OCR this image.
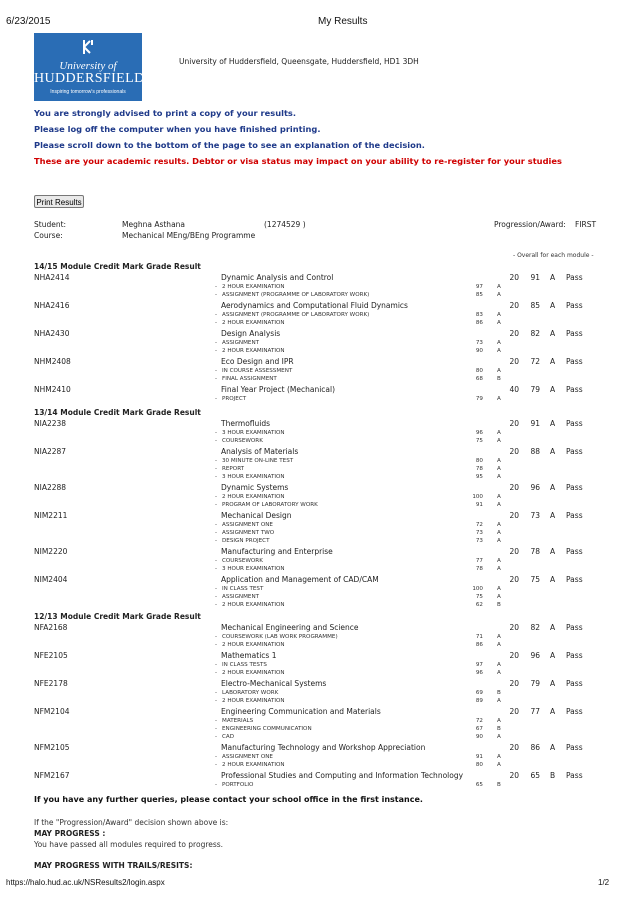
6/23/2015	My Results
University of
HUDDERSFIELD
Inspiring tomorrow's professionals
University of Huddersfield, Queensgate, Huddersfield, HD1 3DH
You are strongly advised to print a copy of your results.
Please log off the computer when you have finished printing.
Please scroll down to the bottom of the page to see an explanation of the decision.
These are your academic results. Debtor or visa status may impact on your ability to re-register for your studies
Print Results
Student:	Meghna Asthana	(1274529 )	Progression/Award: FIRST
Course:	Mechanical MEng/BEng Programme
- Overall for each module -
14/15 Module Credit Mark Grade Result
NHA2414	Dynamic Analysis and Control	20	91 A Pass
- 2 HOUR EXAMINATION	97	A
- ASSIGNMENT (PROGRAMME OF LABORATORY WORK)	85	A
NHA2416	Aerodynamics and Computational Fluid Dynamics	20	85 A Pass
- ASSIGNMENT (PROGRAMME OF LABORATORY WORK)	83	A
- 2 HOUR EXAMINATION	86	A
NHA2430	Design Analysis	20	82 A Pass
- ASSIGNMENT	73	A
- 2 HOUR EXAMINATION	90	A
NHM2408	Eco Design and IPR	20	72 A Pass
- IN COURSE ASSESSMENT	80	A
- FINAL ASSIGNMENT	68	B
NHM2410	Final Year Project (Mechanical)	40	79 A Pass
- PROJECT	79	A
13/14 Module Credit Mark Grade Result
NIA2238	Thermofluids	20	91 A Pass
- 3 HOUR EXAMINATION	96	A
- COURSEWORK	75	A
NIA2287	Analysis of Materials	20	88 A Pass
- 30 MINUTE ON-LINE TEST	80	A
- REPORT	78	A
- 3 HOUR EXAMINATION	95	A
NIA2288	Dynamic Systems	20	96 A Pass
- 2 HOUR EXAMINATION	100	A
- PROGRAM OF LABORATORY WORK	91	A
NIM2211	Mechanical Design	20	73 A Pass
- ASSIGNMENT ONE	72	A
- ASSIGNMENT TWO	73	A
- DESIGN PROJECT	73	A
NIM2220	Manufacturing and Enterprise	20	78 A Pass
- COURSEWORK	77	A
- 3 HOUR EXAMINATION	78	A
NIM2404	Application and Management of CAD/CAM	20	75 A Pass
- IN CLASS TEST	100	A
- ASSIGNMENT	75	A
- 2 HOUR EXAMINATION	62	B
12/13 Module Credit Mark Grade Result
NFA2168	Mechanical Engineering and Science	20	82 A Pass
- COURSEWORK (LAB WORK PROGRAMME)	71	A
- 2 HOUR EXAMINATION	86	A
NFE2105	Mathematics 1	20	96 A Pass
- IN CLASS TESTS	97	A
- 2 HOUR EXAMINATION	96	A
NFE2178	Electro-Mechanical Systems	20	79 A Pass
- LABORATORY WORK	69	B
- 2 HOUR EXAMINATION	89	A
NFM2104	Engineering Communication and Materials	20	77 A Pass
- MATERIALS	72	A
- ENGINEERING COMMUNICATION	67	B
- CAD	90	A
NFM2105	Manufacturing Technology and Workshop Appreciation	20	86 A Pass
- ASSIGNMENT ONE	91	A
- 2 HOUR EXAMINATION	80	A
NFM2167	Professional Studies and Computing and Information Technology	20	65 B Pass
- PORTFOLIO	65	B
If you have any further queries, please contact your school office in the first instance.
If the "Progression/Award" decision shown above is:
MAY PROGRESS :
You have passed all modules required to progress.
MAY PROGRESS WITH TRAILS/RESITS:
https://halo.hud.ac.uk/NSResults2/login.aspx	1/2
